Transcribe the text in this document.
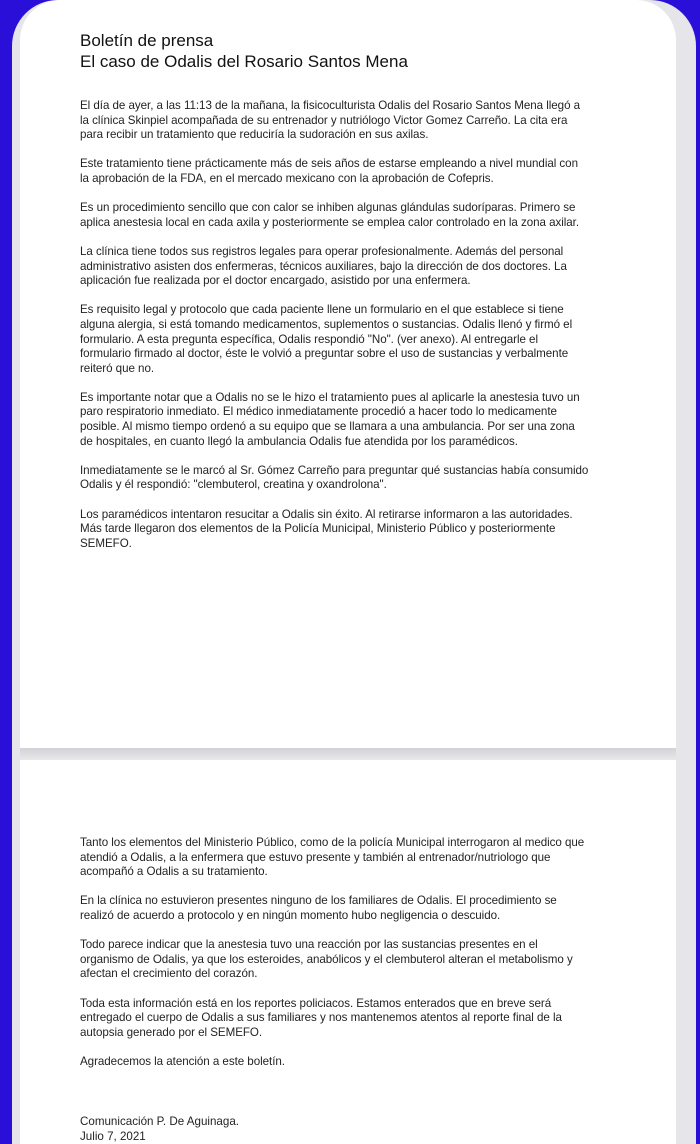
Boletín de prensa
El caso de Odalis del Rosario Santos Mena

El día de ayer, a las 11:13 de la mañana, la fisicoculturista Odalis del Rosario Santos Mena llegó a la clínica Skinpiel acompañada de su entrenador y nutriólogo Victor Gomez Carreño. La cita era para recibir un tratamiento que reduciría la sudoración en sus axilas.

Este tratamiento tiene prácticamente más de seis años de estarse empleando a nivel mundial con la aprobación de la FDA, en el mercado mexicano con la aprobación de Cofepris.

Es un procedimiento sencillo que con calor se inhiben algunas glándulas sudoríparas. Primero se aplica anestesia local en cada axila y posteriormente se emplea calor controlado en la zona axilar.

La clínica tiene todos sus registros legales para operar profesionalmente. Además del personal administrativo asisten dos enfermeras, técnicos auxiliares, bajo la dirección de dos doctores. La aplicación fue realizada por el doctor encargado, asistido por una enfermera.

Es requisito legal y protocolo que cada paciente llene un formulario en el que establece si tiene alguna alergia, si está tomando medicamentos, suplementos o sustancias. Odalis llenó y firmó el formulario. A esta pregunta específica, Odalis respondió "No". (ver anexo). Al entregarle el formulario firmado al doctor, éste le volvió a preguntar sobre el uso de sustancias y verbalmente reiteró que no.

Es importante notar que a Odalis no se le hizo el tratamiento pues al aplicarle la anestesia tuvo un paro respiratorio inmediato. El médico inmediatamente procedió a hacer todo lo medicamente posible. Al mismo tiempo ordenó a su equipo que se llamara a una ambulancia. Por ser una zona de hospitales, en cuanto llegó la ambulancia Odalis fue atendida por los paramédicos.

Inmediatamente se le marcó al Sr. Gómez Carreño para preguntar qué sustancias había consumido Odalis y él respondió: "clembuterol, creatina y oxandrolona".

Los paramédicos intentaron resucitar a Odalis sin éxito. Al retirarse informaron a las autoridades. Más tarde llegaron dos elementos de la Policía Municipal, Ministerio Público y posteriormente SEMEFO.

Tanto los elementos del Ministerio Público, como de la policía Municipal interrogaron al medico que atendió a Odalis, a la enfermera que estuvo presente y también al entrenador/nutriologo que acompañó a Odalis a su tratamiento.

En la clínica no estuvieron presentes ninguno de los familiares de Odalis. El procedimiento se realizó de acuerdo a protocolo y en ningún momento hubo negligencia o descuido.

Todo parece indicar que la anestesia tuvo una reacción por las sustancias presentes en el organismo de Odalis, ya que los esteroides, anabólicos y el clembuterol alteran el metabolismo y afectan el crecimiento del corazón.

Toda esta información está en los reportes policiacos. Estamos enterados que en breve será entregado el cuerpo de Odalis a sus familiares y nos mantenemos atentos al reporte final de la autopsia generado por el SEMEFO.

Agradecemos la atención a este boletín.

Comunicación P. De Aguinaga.
Julio 7, 2021
